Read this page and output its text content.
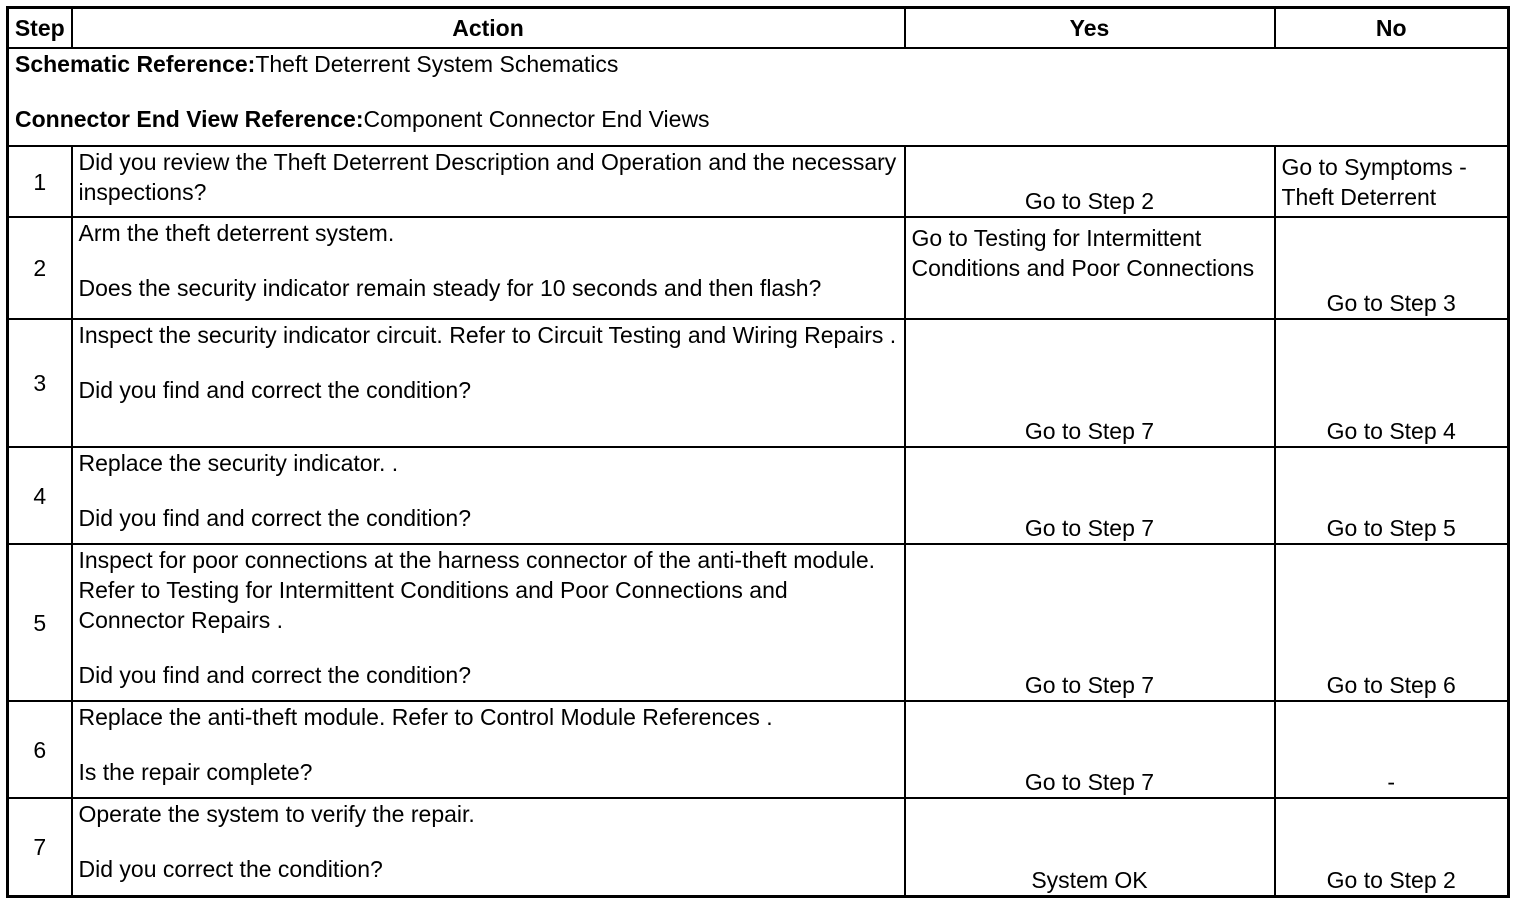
Step	Action	Yes	No

Schematic Reference:Theft Deterrent System Schematics
Connector End View Reference:Component Connector End Views			

1	Did you review the Theft Deterrent Description and Operation and the necessary inspections?	Go to Step 2	Go to Symptoms - Theft Deterrent
2	Arm the theft deterrent system.
Does the security indicator remain steady for 10 seconds and then flash?	Go to Testing for Intermittent Conditions and Poor Connections	Go to Step 3
3	Inspect the security indicator circuit. Refer to Circuit Testing and Wiring Repairs .
Did you find and correct the condition?	Go to Step 7	Go to Step 4
4	Replace the security indicator. .
Did you find and correct the condition?	Go to Step 7	Go to Step 5
5	Inspect for poor connections at the harness connector of the anti-theft module. Refer to Testing for Intermittent Conditions and Poor Connections and Connector Repairs .
Did you find and correct the condition?	Go to Step 7	Go to Step 6
6	Replace the anti-theft module. Refer to Control Module References .
Is the repair complete?	Go to Step 7	-
7	Operate the system to verify the repair.
Did you correct the condition?	System OK	Go to Step 2
